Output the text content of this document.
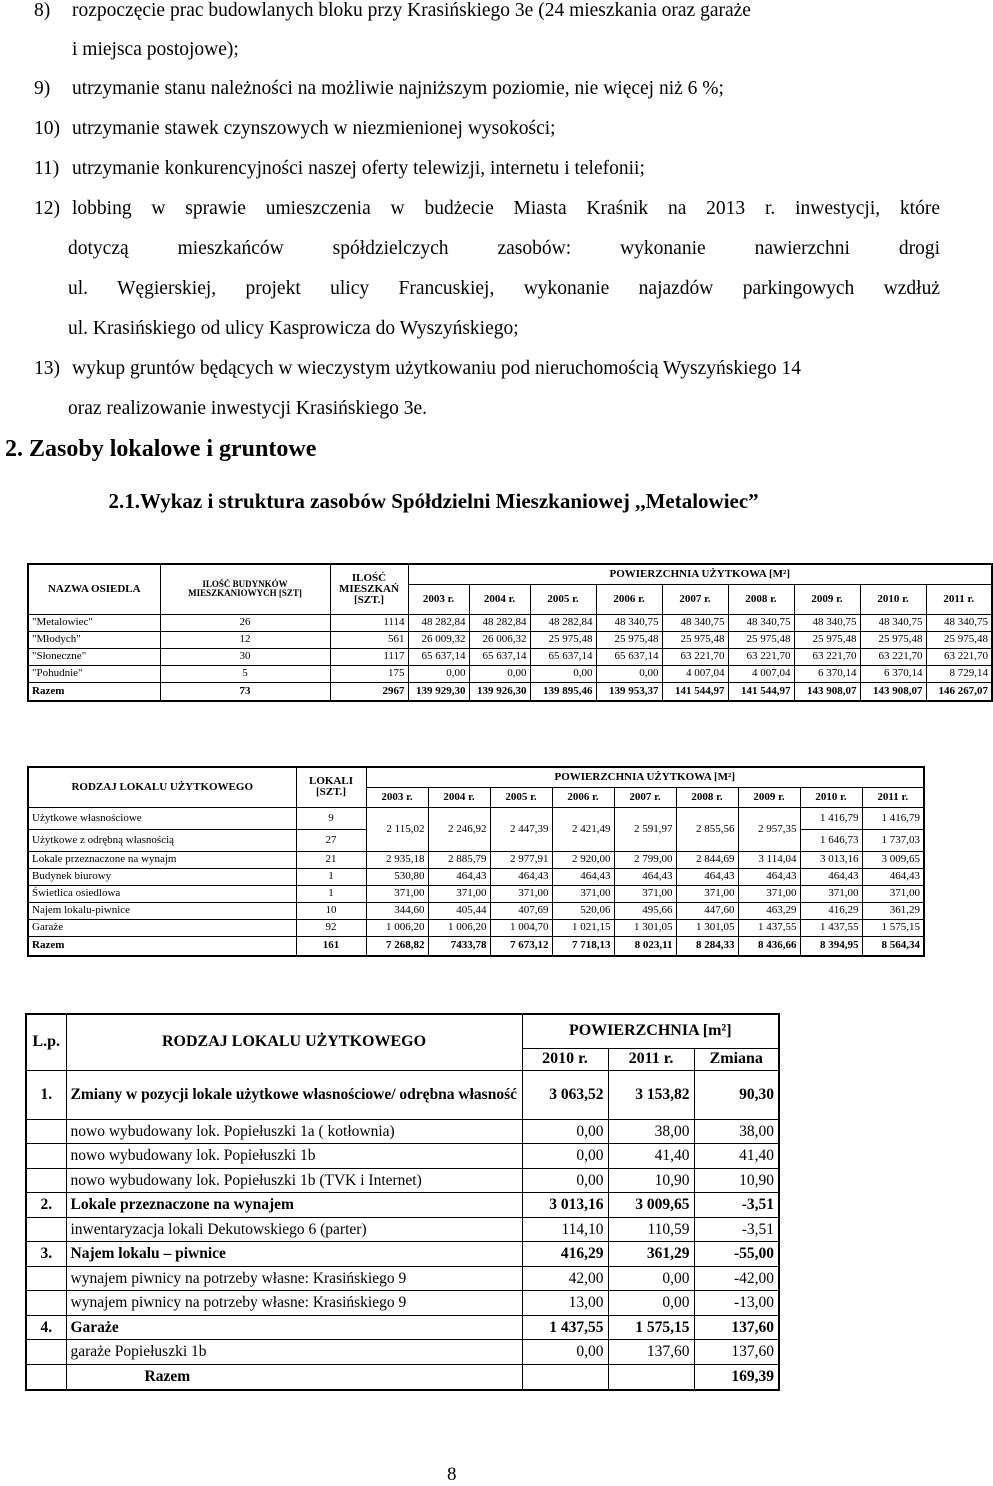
8) rozpoczęcie prac budowlanych bloku przy Krasińskiego 3e (24 mieszkania oraz garaże
i miejsca postojowe);
9) utrzymanie stanu należności na możliwie najniższym poziomie, nie więcej niż 6 %;
10) utrzymanie stawek czynszowych w niezmienionej wysokości;
11) utrzymanie konkurencyjności naszej oferty telewizji, internetu i telefonii;
12) lobbing w sprawie umieszczenia w budżecie Miasta Kraśnik na 2013 r. inwestycji, które
dotyczą mieszkańców spółdzielczych zasobów: wykonanie nawierzchni drogi
ul. Węgierskiej, projekt ulicy Francuskiej, wykonanie najazdów parkingowych wzdłuż
ul. Krasińskiego od ulicy Kasprowicza do Wyszyńskiego;
13) wykup gruntów będących w wieczystym użytkowaniu pod nieruchomością Wyszyńskiego 14
oraz realizowanie inwestycji Krasińskiego 3e.
2. Zasoby lokalowe i gruntowe
2.1.Wykaz i struktura zasobów Spółdzielni Mieszkaniowej ,,Metalowiec”
NAZWA OSIEDLA	ILOŚĆ BUDYNKÓW MIESZKANIOWYCH [SZT]	ILOŚĆ MIESZKAŃ [SZT.]	POWIERZCHNIA UŻYTKOWA [M²]								
			2003 r.	2004 r.	2005 r.	2006 r.	2007 r.	2008 r.	2009 r.	2010 r.	2011 r.
"Metalowiec"	26	1114	48 282,84	48 282,84	48 282,84	48 340,75	48 340,75	48 340,75	48 340,75	48 340,75	48 340,75
"Młodych"	12	561	26 009,32	26 006,32	25 975,48	25 975,48	25 975,48	25 975,48	25 975,48	25 975,48	25 975,48
"Słoneczne"	30	1117	65 637,14	65 637,14	65 637,14	65 637,14	63 221,70	63 221,70	63 221,70	63 221,70	63 221,70
"Pohudnie"	5	175	0,00	0,00	0,00	0,00	4 007,04	4 007,04	6 370,14	6 370,14	8 729,14
Razem	73	2967	139 929,30	139 926,30	139 895,46	139 953,37	141 544,97	141 544,97	143 908,07	143 908,07	146 267,07
RODZAJ LOKALU UŻYTKOWEGO	LOKALI [SZT.]	POWIERZCHNIA UŻYTKOWA [M²]								
		2003 r.	2004 r.	2005 r.	2006 r.	2007 r.	2008 r.	2009 r.	2010 r.	2011 r.
Użytkowe własnościowe	9	2 115,02	2 246,92	2 447,39	2 421,49	2 591,97	2 855,56	2 957,35	1 416,79	1 416,79
Użytkowe z odrębną własnością	27								1 646,73	1 737,03
Lokale przeznaczone na wynajm	21	2 935,18	2 885,79	2 977,91	2 920,00	2 799,00	2 844,69	3 114,04	3 013,16	3 009,65
Budynek biurowy	1	530,80	464,43	464,43	464,43	464,43	464,43	464,43	464,43	464,43
Świetlica osiedlowa	1	371,00	371,00	371,00	371,00	371,00	371,00	371,00	371,00	371,00
Najem lokalu-piwnice	10	344,60	405,44	407,69	520,06	495,66	447,60	463,29	416,29	361,29
Garaże	92	1 006,20	1 006,20	1 004,70	1 021,15	1 301,05	1 301,05	1 437,55	1 437,55	1 575,15
Razem	161	7 268,82	7433,78	7 673,12	7 718,13	8 023,11	8 284,33	8 436,66	8 394,95	8 564,34
L.p.	RODZAJ LOKALU UŻYTKOWEGO	POWIERZCHNIA [m²]		
		2010 r.	2011 r.	Zmiana
1.	Zmiany w pozycji lokale użytkowe własnościowe/ odrębna własność	3 063,52	3 153,82	90,30
	nowo wybudowany lok. Popiełuszki 1a ( kotłownia)	0,00	38,00	38,00
	nowo wybudowany lok. Popiełuszki 1b	0,00	41,40	41,40
	nowo wybudowany lok. Popiełuszki 1b (TVK i Internet)	0,00	10,90	10,90
2.	Lokale przeznaczone na wynajem	3 013,16	3 009,65	-3,51
	inwentaryzacja lokali Dekutowskiego 6 (parter)	114,10	110,59	-3,51
3.	Najem lokalu – piwnice	416,29	361,29	-55,00
	wynajem piwnicy na potrzeby własne: Krasińskiego 9	42,00	0,00	-42,00
	wynajem piwnicy na potrzeby własne: Krasińskiego 9	13,00	0,00	-13,00
4.	Garaże	1 437,55	1 575,15	137,60
	garaże Popiełuszki 1b	0,00	137,60	137,60
	Razem			169,39
8
